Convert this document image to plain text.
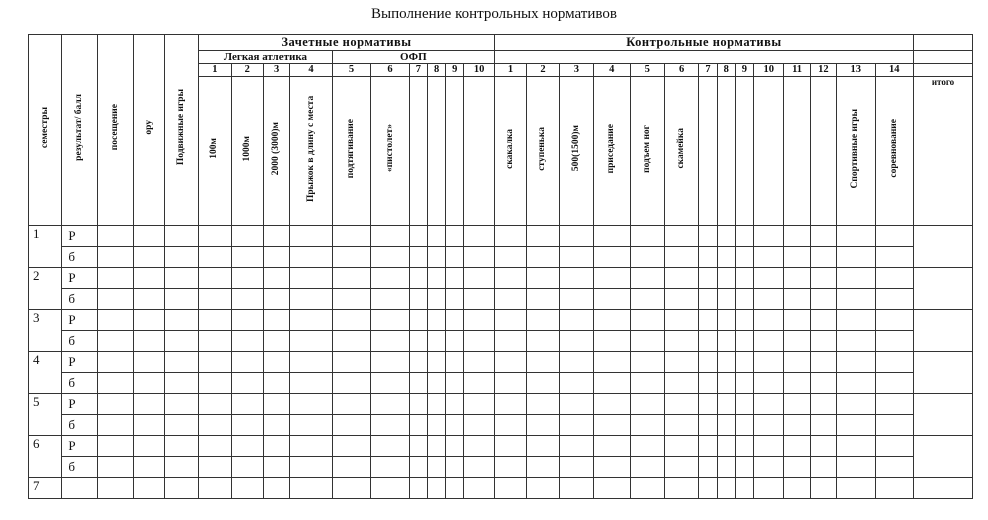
Выполнение контрольных нормативов
семестры	результат/ балл	посещение	ору	Подвижные игры	Зачетные нормативы										Контрольные нормативы														
					Легкая атлетика				ОФП																				
					1	2	3	4	5	6	7	8	9	10	1	2	3	4	5	6	7	8	9	10	11	12	13	14	
					100м	1000м	2000 (3000)м	Прыжок в длину с места	подтягивание	«пистолет»					скакалка	ступенька	500(1500)м	приседание	подъем ног	скамейка							Спортивные игры	соревнование	итого
1	Р																												
	б																												
2	Р																												
	б																												
3	Р																												
	б																												
4	Р																												
	б																												
5	Р																												
	б																												
6	Р																												
	б																												
7																													
